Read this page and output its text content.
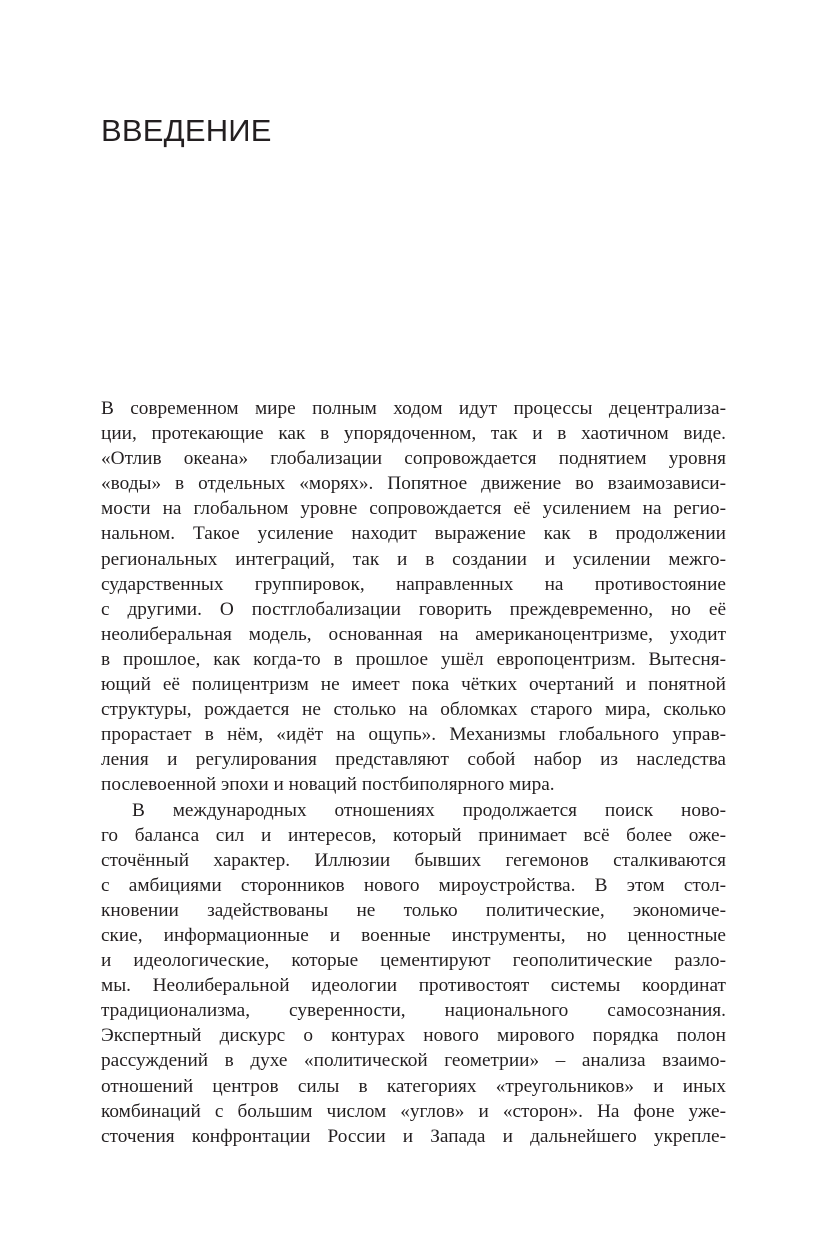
ВВЕДЕНИЕ
В современном мире полным ходом идут процессы децентрализа-
ции, протекающие как в упорядоченном, так и в хаотичном виде.
«Отлив океана» глобализации сопровождается поднятием уровня
«воды» в отдельных «морях». Попятное движение во взаимозависи-
мости на глобальном уровне сопровождается её усилением на регио-
нальном. Такое усиление находит выражение как в продолжении
региональных интеграций, так и в создании и усилении межго-
сударственных группировок, направленных на противостояние
с другими. О постглобализации говорить преждевременно, но её
неолиберальная модель, основанная на американоцентризме, уходит
в прошлое, как когда-то в прошлое ушёл европоцентризм. Вытесня-
ющий её полицентризм не имеет пока чётких очертаний и понятной
структуры, рождается не столько на обломках старого мира, сколько
прорастает в нём, «идёт на ощупь». Механизмы глобального управ-
ления и регулирования представляют собой набор из наследства
послевоенной эпохи и новаций постбиполярного мира.
В международных отношениях продолжается поиск ново-
го баланса сил и интересов, который принимает всё более оже-
сточённый характер. Иллюзии бывших гегемонов сталкиваются
с амбициями сторонников нового мироустройства. В этом стол-
кновении задействованы не только политические, экономиче-
ские, информационные и военные инструменты, но ценностные
и идеологические, которые цементируют геополитические разло-
мы. Неолиберальной идеологии противостоят системы координат
традиционализма, суверенности, национального самосознания.
Экспертный дискурс о контурах нового мирового порядка полон
рассуждений в духе «политической геометрии» – анализа взаимо-
отношений центров силы в категориях «треугольников» и иных
комбинаций с большим числом «углов» и «сторон». На фоне уже-
сточения конфронтации России и Запада и дальнейшего укрепле-
